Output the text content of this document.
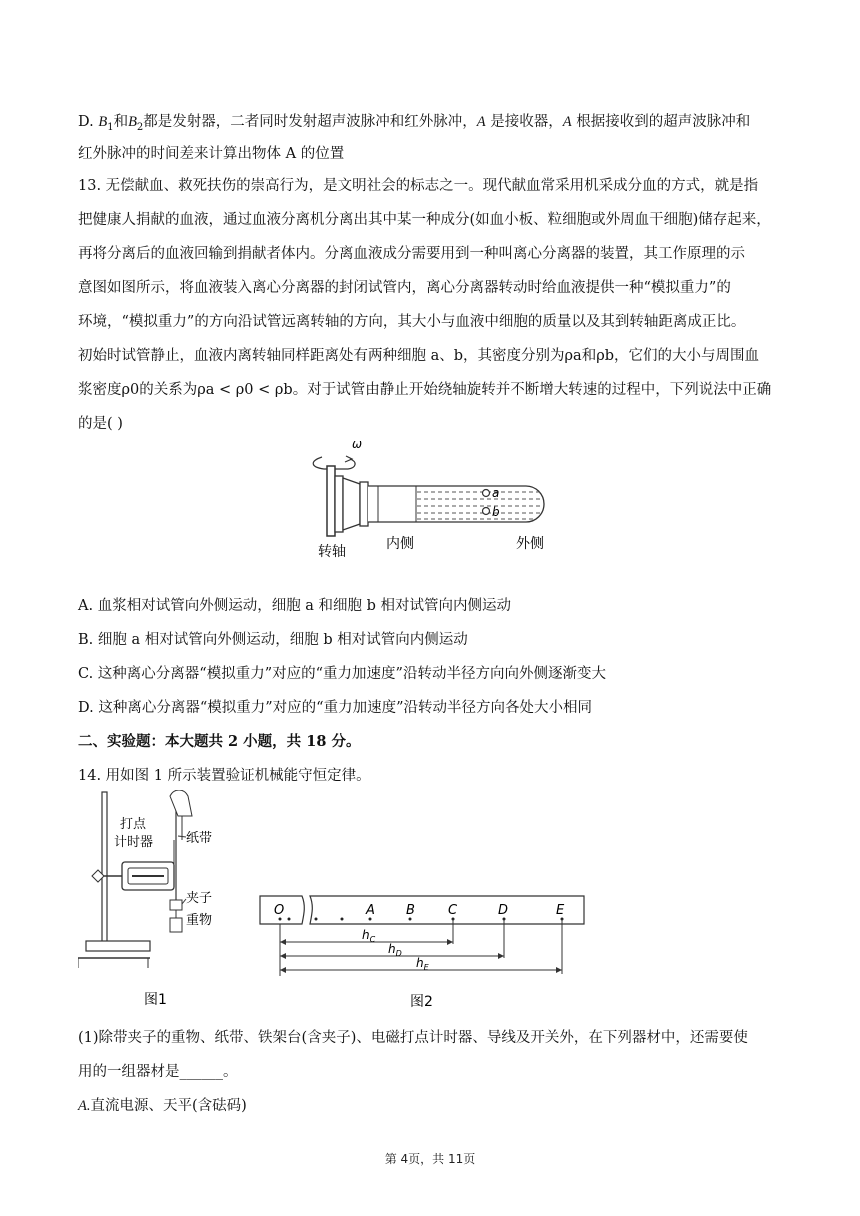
D. $B_1$和$B_2$都是发射器，二者同时发射超声波脉冲和红外脉冲，A 是接收器，A 根据接收到的超声波脉冲和
红外脉冲的时间差来计算出物体 A 的位置
13. 无偿献血、救死扶伤的崇高行为，是文明社会的标志之一。现代献血常采用机采成分血的方式，就是指
把健康人捐献的血液，通过血液分离机分离出其中某一种成分(如血小板、粒细胞或外周血干细胞)储存起来，
再将分离后的血液回输到捐献者体内。分离血液成分需要用到一种叫离心分离器的装置，其工作原理的示
意图如图所示，将血液装入离心分离器的封闭试管内，离心分离器转动时给血液提供一种“模拟重力”的
环境，“模拟重力”的方向沿试管远离转轴的方向，其大小与血液中细胞的质量以及其到转轴距离成正比。
初始时试管静止，血液内离转轴同样距离处有两种细胞 a、b，其密度分别为ρa和ρb，它们的大小与周围血
浆密度ρ0的关系为ρa < ρ0 < ρb。对于试管由静止开始绕轴旋转并不断增大转速的过程中，下列说法中正确
的是( )
ω
a
b
转轴	内侧	外侧
A. 血浆相对试管向外侧运动，细胞 a 和细胞 b 相对试管向内侧运动
B. 细胞 a 相对试管向外侧运动，细胞 b 相对试管向内侧运动
C. 这种离心分离器“模拟重力”对应的“重力加速度”沿转动半径方向向外侧逐渐变大
D. 这种离心分离器“模拟重力”对应的“重力加速度”沿转动半径方向各处大小相同
二、实验题：本大题共 2 小题，共 18 分。
14. 用如图 1 所示装置验证机械能守恒定律。
打点
计时器	纸带
夹子
重物
图1
O	A B	C	D	E
$h_C$
$h_D$
$h_E$
图2
(1)除带夹子的重物、纸带、铁架台(含夹子)、电磁打点计时器、导线及开关外，在下列器材中，还需要使
用的一组器材是______。
A.直流电源、天平(含砝码)
第 4页，共 11页
